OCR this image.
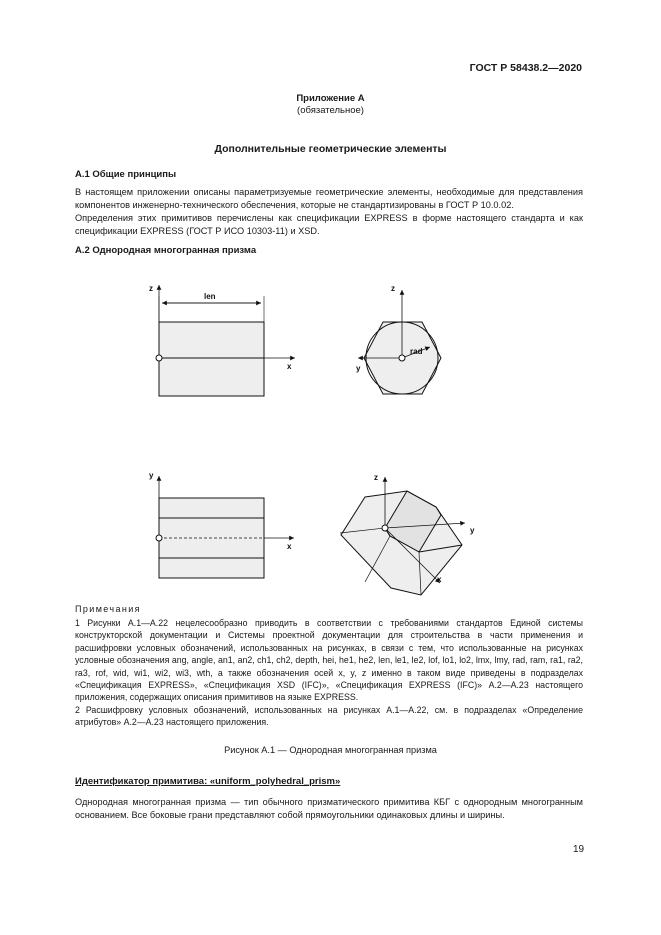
ГОСТ Р 58438.2—2020
Приложение А
(обязательное)
Дополнительные геометрические элементы
А.1 Общие принципы
В настоящем приложении описаны параметризуемые геометрические элементы, необходимые для представления компонентов инженерно-технического обеспечения, которые не стандартизированы в ГОСТ Р 10.0.02.
Определения этих примитивов перечислены как спецификации EXPRESS в форме настоящего стандарта и как спецификации EXPRESS (ГОСТ Р ИСО 10303-11) и XSD.
А.2 Однородная многогранная призма
z
x
len
z
y
rad
y
x
z
y
x
Примечания
1 Рисунки А.1—А.22 нецелесообразно приводить в соответствии с требованиями стандартов Единой системы конструкторской документации и Системы проектной документации для строительства в части применения и расшифровки условных обозначений, использованных на рисунках, в связи с тем, что использованные на рисунках условные обозначения ang, angle, an1, an2, ch1, ch2, depth, hei, he1, he2, len, le1, le2, lof, lo1, lo2, lmx, lmy, rad, ram, ra1, ra2, ra3, rof, wid, wi1, wi2, wi3, wth, а также обозначения осей x, y, z именно в таком виде приведены в подразделах «Спецификация EXPRESS», «Спецификация XSD (IFC)», «Спецификация EXPRESS (IFC)» А.2—А.23 настоящего приложения, содержащих описания примитивов на языке EXPRESS.
2 Расшифровку условных обозначений, использованных на рисунках А.1—А.22, см. в подразделах «Определение атрибутов» А.2—А.23 настоящего приложения.
Рисунок А.1 — Однородная многогранная призма
Идентификатор примитива: «uniform_polyhedral_prism»
Однородная многогранная призма — тип обычного призматического примитива КБГ с однородным многогранным основанием. Все боковые грани представляют собой прямоугольники одинаковых длины и ширины.
19
